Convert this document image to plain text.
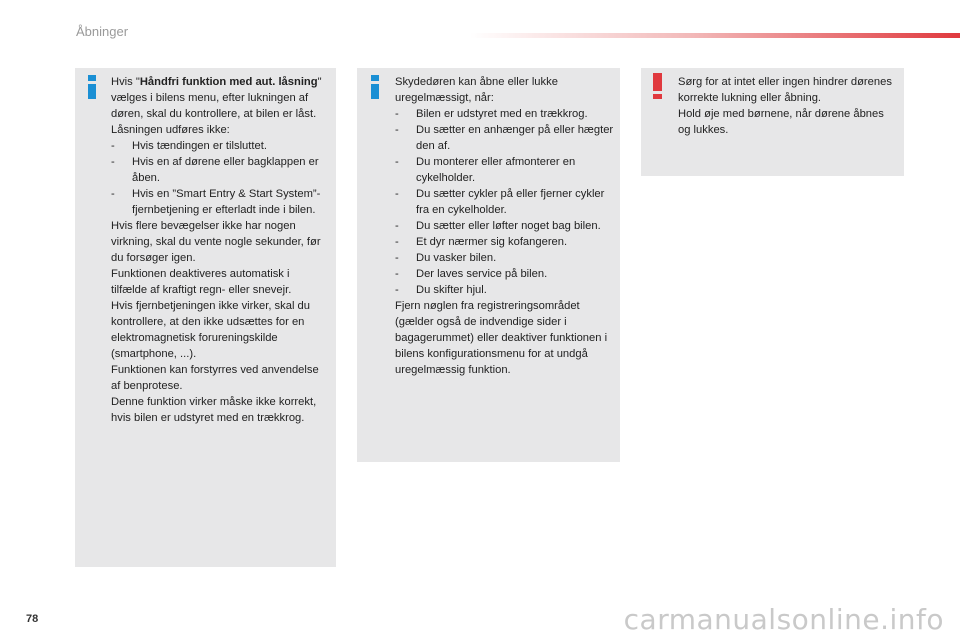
Åbninger

Hvis "Håndfri funktion med aut. låsning" vælges i bilens menu, efter lukningen af døren, skal du kontrollere, at bilen er låst.

Låsningen udføres ikke:

- Hvis tændingen er tilsluttet.
- Hvis en af dørene eller bagklappen er åben.
- Hvis en ”Smart Entry & Start System”-fjernbetjening er efterladt inde i bilen.

Hvis flere bevægelser ikke har nogen virkning, skal du vente nogle sekunder, før du forsøger igen.

Funktionen deaktiveres automatisk i tilfælde af kraftigt regn- eller snevejr.

Hvis fjernbetjeningen ikke virker, skal du kontrollere, at den ikke udsættes for en elektromagnetisk forureningskilde (smartphone, ...).

Funktionen kan forstyrres ved anvendelse af benprotese.

Denne funktion virker måske ikke korrekt, hvis bilen er udstyret med en trækkrog.

Skydedøren kan åbne eller lukke uregelmæssigt, når:

- Bilen er udstyret med en trækkrog.
- Du sætter en anhænger på eller hægter den af.
- Du monterer eller afmonterer en cykelholder.
- Du sætter cykler på eller fjerner cykler fra en cykelholder.
- Du sætter eller løfter noget bag bilen.
- Et dyr nærmer sig kofangeren.
- Du vasker bilen.
- Der laves service på bilen.
- Du skifter hjul.

Fjern nøglen fra registreringsområdet (gælder også de indvendige sider i bagagerummet) eller deaktiver funktionen i bilens konfigurationsmenu for at undgå uregelmæssig funktion.

Sørg for at intet eller ingen hindrer dørenes korrekte lukning eller åbning.

Hold øje med børnene, når dørene åbnes og lukkes.

78	carmanualsonline.info
